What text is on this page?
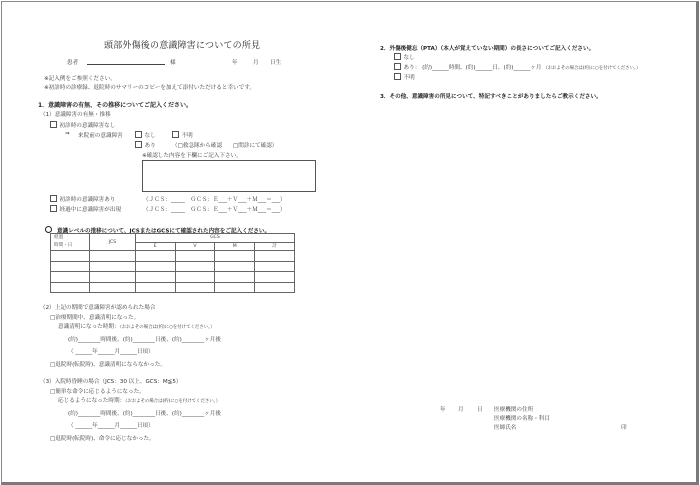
頭部外傷後の意識障害についての所見
患者	様	年	月 日生
※記入例をご参照ください。
※初診時の診療録、退院時のサマリーのコピーを加えて添付いただけると幸いです。
1．意識障害の有無、その推移についてご記入ください。
（1）意識障害の有無・推移
初診時の意識障害なし
⇒ 来院前の意識障害	なし	不明
あり	（□救急隊から確認 □問診にて確認）
※確認した内容を下欄にご記入下さい。
初診時の意識障害あり	（ＪＣＳ：_____　ＧＣＳ：Ｅ___＋Ｖ___＋Ｍ___＝___）
経過中に意識障害が出現	（ＪＣＳ：_____　ＧＣＳ：Ｅ___＋Ｖ___＋Ｍ___＝___）
意識レベルの推移について、JCSまたはGCSにて確認された内容をご記入ください。
経過
時間・日	JCS	GCS			
		E	V	M	計

（2）上記の期間で意識障害が認められた場合
□治療期間中、意識清明になった。
意識清明になった時期：（おおよその場合は(約)に○を付けてください。）
(約)________時間後、(約)________日後、(約)________ヶ月後
（ ______年______月______日頃）
□退院時(転院時)、意識清明にならなかった。
（3）入院時昏睡の場合（JCS：30 以上、GCS：M≦5）
□簡単な命令に応じるようになった。
応じるようになった時期：（おおよその場合は(約)に○を付けてください。）
(約)________時間後、(約)________日後、(約)________ヶ月後
（ ______年______月______日頃）
□退院時(転院時)、命令に応じなかった。
2．外傷後健忘（PTA）（本人が覚えていない期間）の長さについてご記入ください。
なし
あり： (約)______時間、(約)______日、(約)______ヶ月 （おおよその場合は(約)に○を付けてください。）
不明
3．その他、意識障害の所見について、特記すべきことがありましたらご教示ください。
年 月 日 医療機関の住所
医療機関の名称・科目
医師氏名	印
